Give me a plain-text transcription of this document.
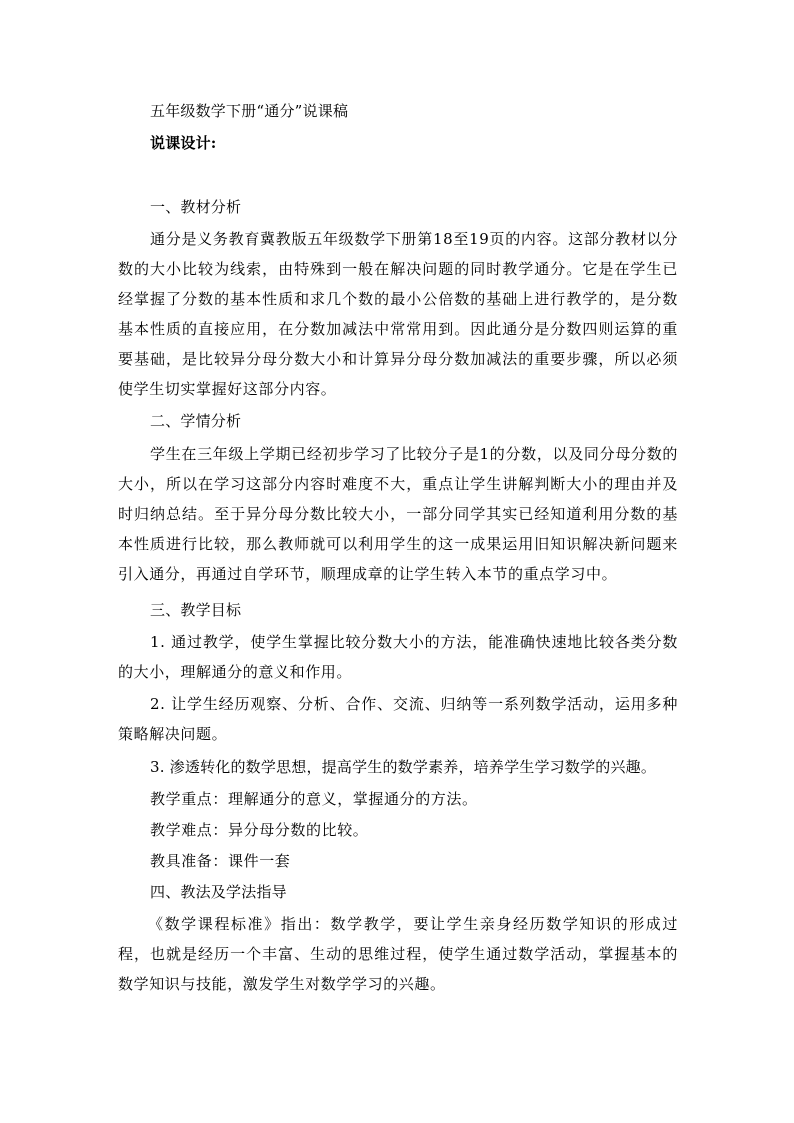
五年级数学下册“通分”说课稿
说课设计:
一、教材分析
通分是义务教育冀教版五年级数学下册第18至19页的内容。这部分教材以分数的大小比较为线索，由特殊到一般在解决问题的同时教学通分。它是在学生已经掌握了分数的基本性质和求几个数的最小公倍数的基础上进行教学的，是分数基本性质的直接应用，在分数加减法中常常用到。因此通分是分数四则运算的重要基础，是比较异分母分数大小和计算异分母分数加减法的重要步骤，所以必须使学生切实掌握好这部分内容。
二、学情分析
学生在三年级上学期已经初步学习了比较分子是1的分数，以及同分母分数的大小，所以在学习这部分内容时难度不大，重点让学生讲解判断大小的理由并及时归纳总结。至于异分母分数比较大小，一部分同学其实已经知道利用分数的基本性质进行比较，那么教师就可以利用学生的这一成果运用旧知识解决新问题来引入通分，再通过自学环节，顺理成章的让学生转入本节的重点学习中。
三、教学目标
1. 通过教学，使学生掌握比较分数大小的方法，能准确快速地比较各类分数的大小，理解通分的意义和作用。
2. 让学生经历观察、分析、合作、交流、归纳等一系列数学活动，运用多种策略解决问题。
3. 渗透转化的数学思想，提高学生的数学素养，培养学生学习数学的兴趣。
教学重点：理解通分的意义，掌握通分的方法。
教学难点：异分母分数的比较。
教具准备：课件一套
四、教法及学法指导
《数学课程标准》指出：数学教学，要让学生亲身经历数学知识的形成过程，也就是经历一个丰富、生动的思维过程，使学生通过数学活动，掌握基本的数学知识与技能，激发学生对数学学习的兴趣。
